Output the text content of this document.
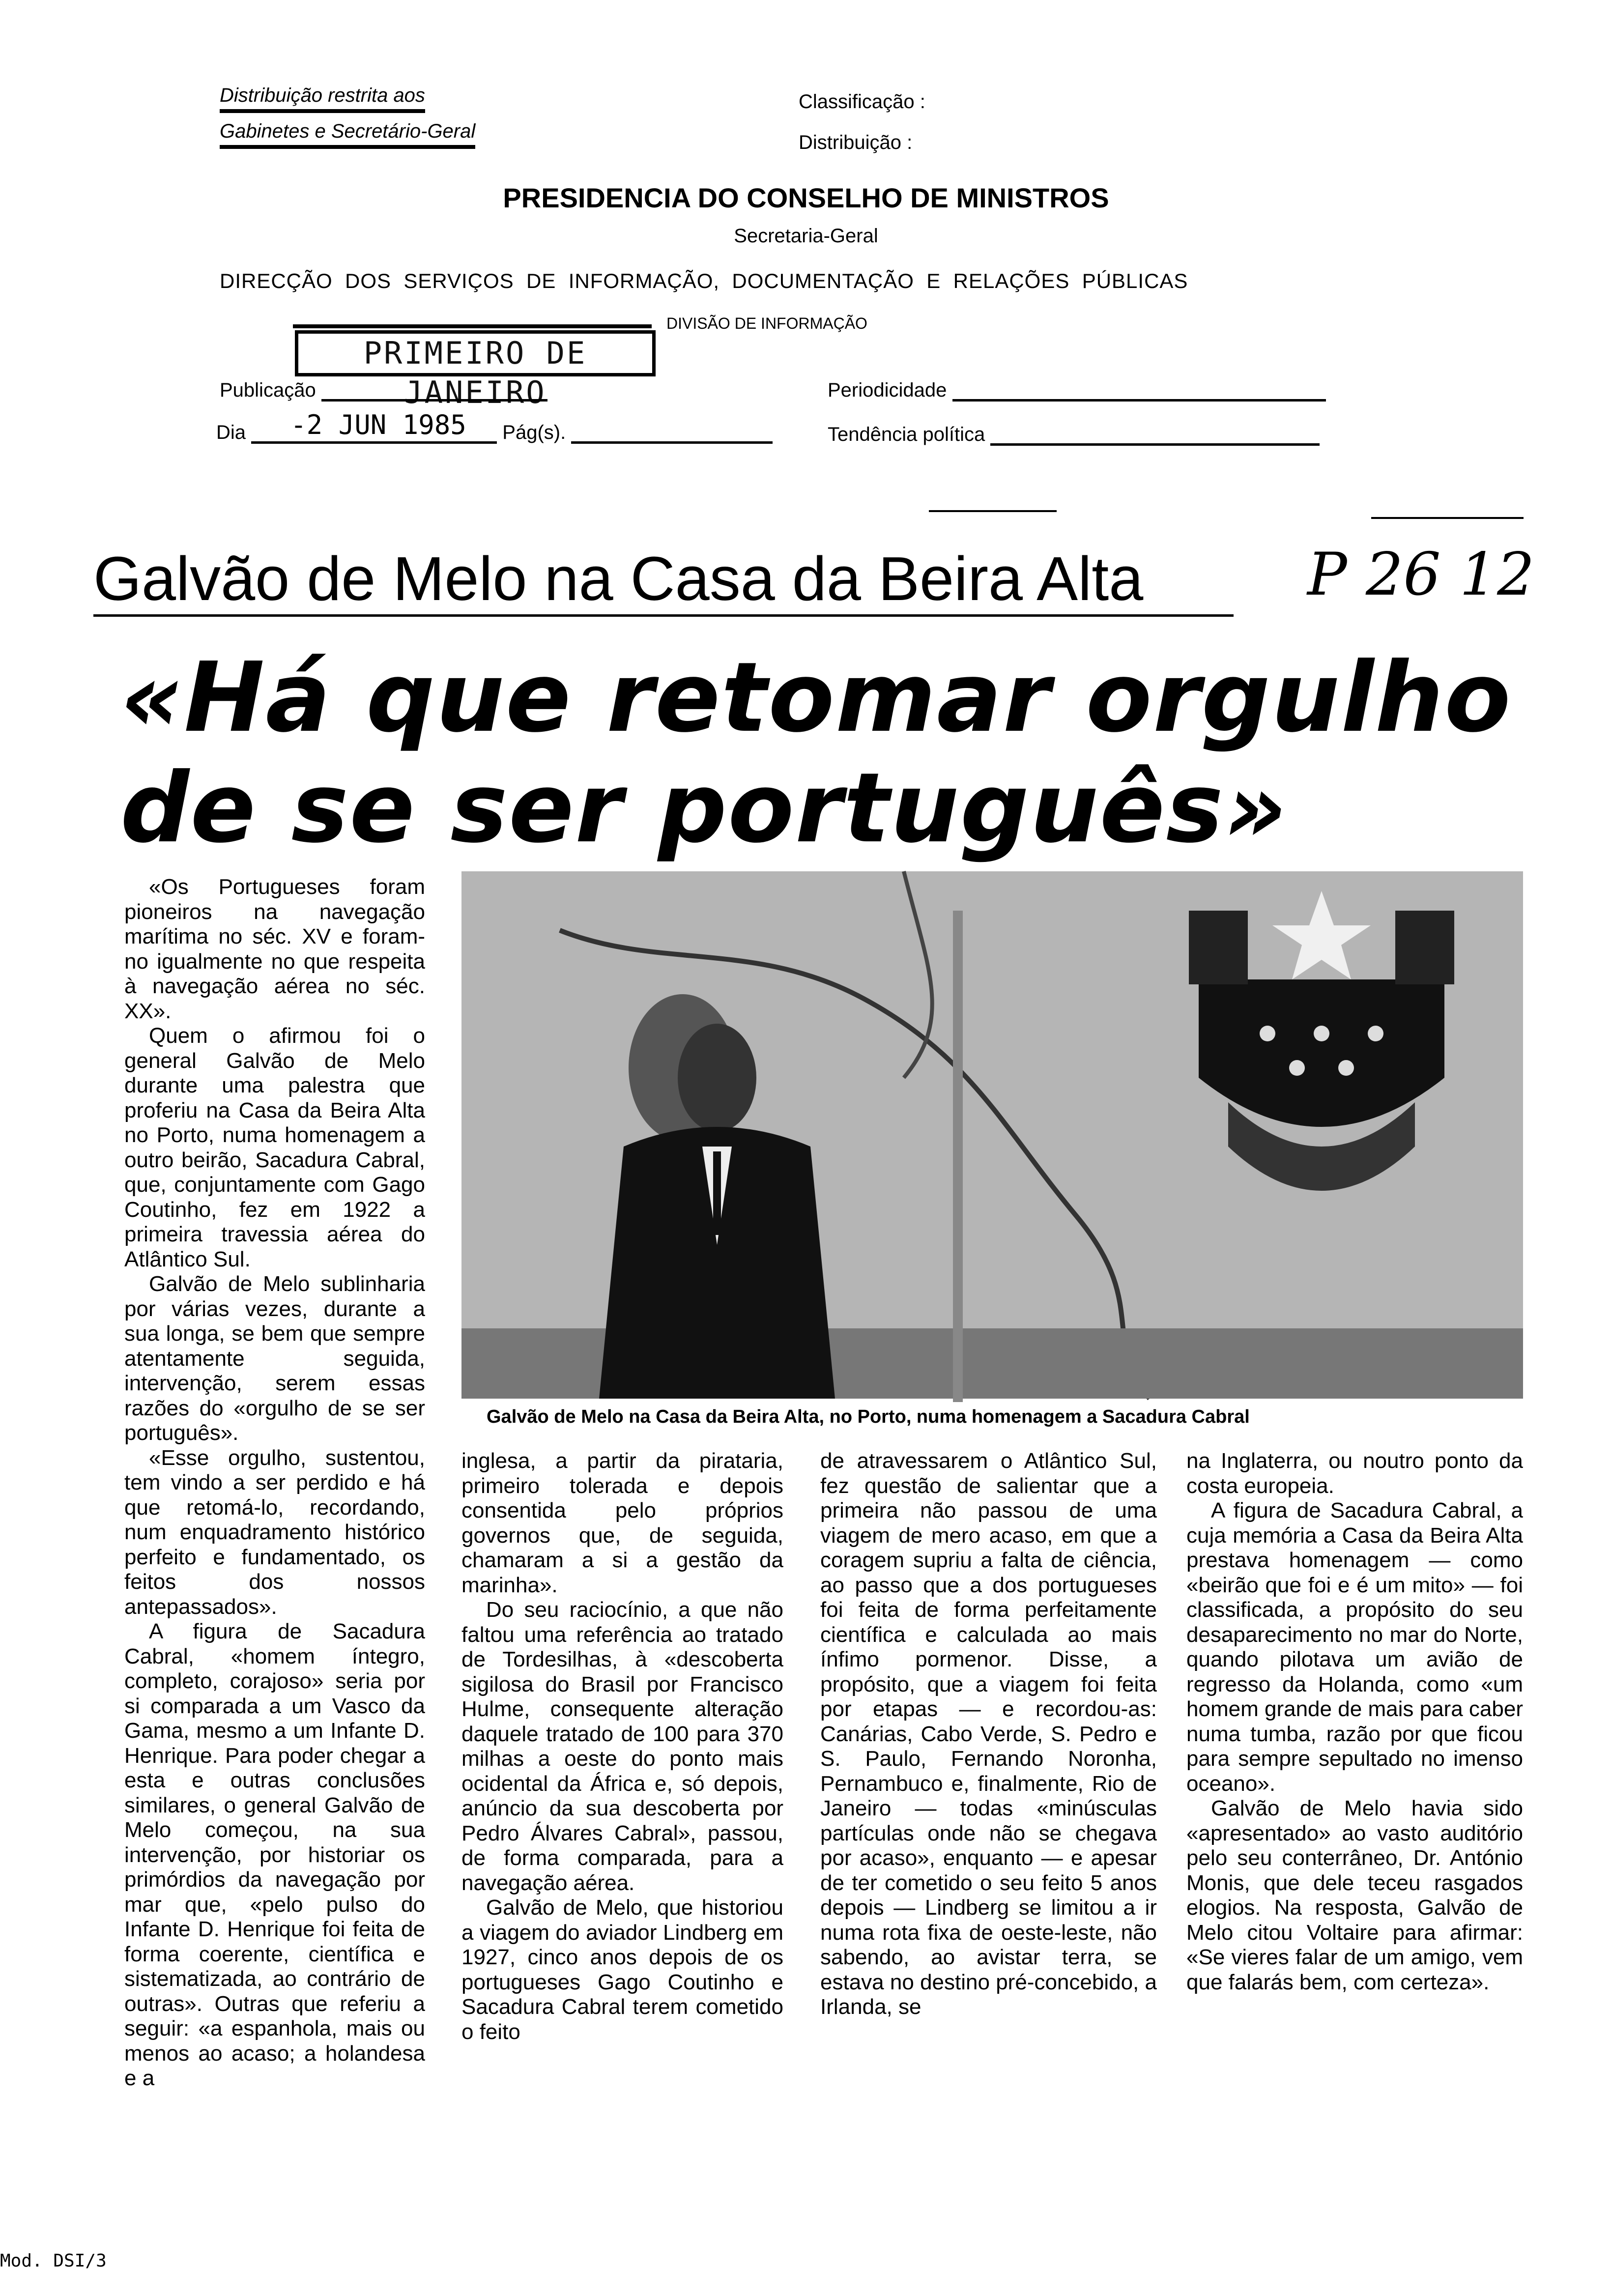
Distribuição restrita aos
Gabinetes e Secretário-Geral
Classificação :
Distribuição :
PRESIDENCIA DO CONSELHO DE MINISTROS
Secretaria-Geral
DIRECÇÃO  DOS  SERVIÇOS  DE  INFORMAÇÃO,  DOCUMENTAÇÃO  E  RELAÇÕES  PÚBLICAS
DIVISÃO DE INFORMAÇÃO
PRIMEIRO DE JANEIRO
Publicação	Periodicidade
Dia -2 JUN 1985 Pág(s).	Tendência política
Galvão de Melo na Casa da Beira Alta	P 26 12
«Há que retomar orgulho
de se ser português»
Galvão de Melo na Casa da Beira Alta, no Porto, numa homenagem a Sacadura Cabral

«Os Portugueses foram pioneiros na navegação marítima no séc. XV e foram-no igualmente no que respeita à navegação aérea no séc. XX».

Quem o afirmou foi o general Galvão de Melo durante uma palestra que proferiu na Casa da Beira Alta no Porto, numa homenagem a outro beirão, Sacadura Cabral, que, conjuntamente com Gago Coutinho, fez em 1922 a primeira travessia aérea do Atlântico Sul.

Galvão de Melo sublinharia por várias vezes, durante a sua longa, se bem que sempre atentamente seguida, intervenção, serem essas razões do «orgulho de se ser português».

«Esse orgulho, sustentou, tem vindo a ser perdido e há que retomá-lo, recordando, num enquadramento histórico perfeito e fundamentado, os feitos dos nossos antepassados».

A figura de Sacadura Cabral, «homem íntegro, completo, corajoso» seria por si comparada a um Vasco da Gama, mesmo a um Infante D. Henrique. Para poder chegar a esta e outras conclusões similares, o general Galvão de Melo começou, na sua intervenção, por historiar os primórdios da navegação por mar que, «pelo pulso do Infante D. Henrique foi feita de forma coerente, científica e sistematizada, ao contrário de outras». Outras que referiu a seguir: «a espanhola, mais ou menos ao acaso; a holandesa e a

inglesa, a partir da pirataria, primeiro tolerada e depois consentida pelo próprios governos que, de seguida, chamaram a si a gestão da marinha».

Do seu raciocínio, a que não faltou uma referência ao tratado de Tordesilhas, à «descoberta sigilosa do Brasil por Francisco Hulme, consequente alteração daquele tratado de 100 para 370 milhas a oeste do ponto mais ocidental da África e, só depois, anúncio da sua descoberta por Pedro Álvares Cabral», passou, de forma comparada, para a navegação aérea.

Galvão de Melo, que historiou a viagem do aviador Lindberg em 1927, cinco anos depois de os portugueses Gago Coutinho e Sacadura Cabral terem cometido o feito

de atravessarem o Atlântico Sul, fez questão de salientar que a primeira não passou de uma viagem de mero acaso, em que a coragem supriu a falta de ciência, ao passo que a dos portugueses foi feita de forma perfeitamente científica e calculada ao mais ínfimo pormenor. Disse, a propósito, que a viagem foi feita por etapas — e recordou-as: Canárias, Cabo Verde, S. Pedro e S. Paulo, Fernando Noronha, Pernambuco e, finalmente, Rio de Janeiro — todas «minúsculas partículas onde não se chegava por acaso», enquanto — e apesar de ter cometido o seu feito 5 anos depois — Lindberg se limitou a ir numa rota fixa de oeste-leste, não sabendo, ao avistar terra, se estava no destino pré-concebido, a Irlanda, se

na Inglaterra, ou noutro ponto da costa europeia.

A figura de Sacadura Cabral, a cuja memória a Casa da Beira Alta prestava homenagem — como «beirão que foi e é um mito» — foi classificada, a propósito do seu desaparecimento no mar do Norte, quando pilotava um avião de regresso da Holanda, como «um homem grande de mais para caber numa tumba, razão por que ficou para sempre sepultado no imenso oceano».

Galvão de Melo havia sido «apresentado» ao vasto auditório pelo seu conterrâneo, Dr. António Monis, que dele teceu rasgados elogios. Na resposta, Galvão de Melo citou Voltaire para afirmar: «Se vieres falar de um amigo, vem que falarás bem, com certeza».

Mod. DSI/3
